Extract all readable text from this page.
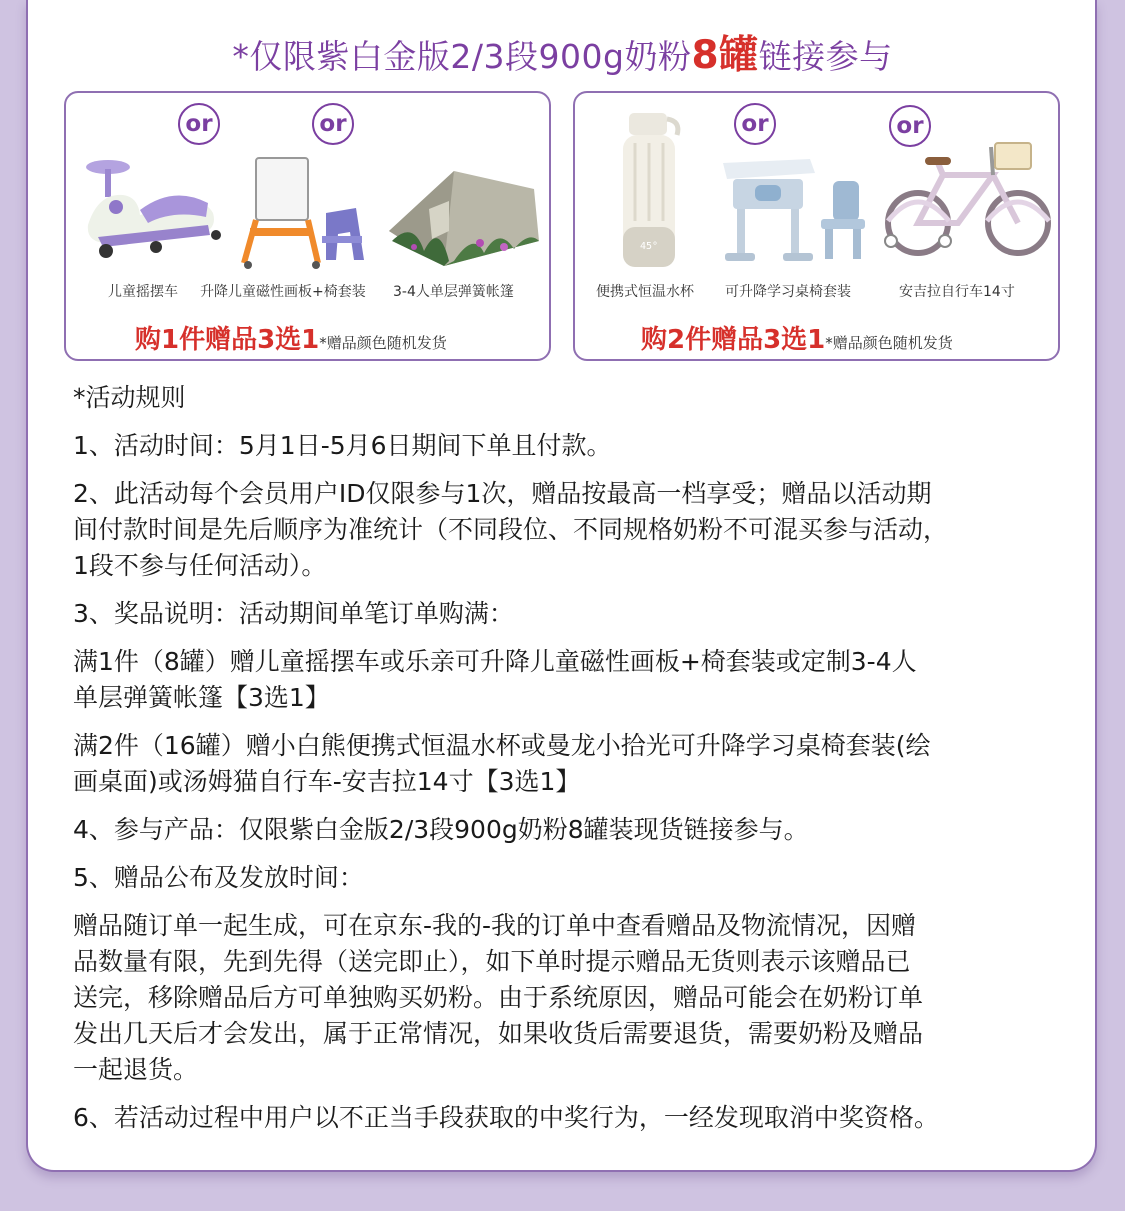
*仅限紫白金版2/3段900g奶粉8罐链接参与
or	or
儿童摇摆车 升降儿童磁性画板+椅套装 3-4人单层弹簧帐篷
购1件赠品3选1*赠品颜色随机发货
or	or
45°
便携式恒温水杯 可升降学习桌椅套装	安吉拉自行车14寸
购2件赠品3选1*赠品颜色随机发货

*活动规则

1、活动时间：5月1日-5月6日期间下单且付款。

2、此活动每个会员用户ID仅限参与1次，赠品按最高一档享受；赠品以活动期

间付款时间是先后顺序为准统计（不同段位、不同规格奶粉不可混买参与活动，

1段不参与任何活动）。

3、奖品说明：活动期间单笔订单购满：

满1件（8罐）赠儿童摇摆车或乐亲可升降儿童磁性画板+椅套装或定制3-4人

单层弹簧帐篷【3选1】

满2件（16罐）赠小白熊便携式恒温水杯或曼龙小拾光可升降学习桌椅套装(绘

画桌面)或汤姆猫自行车-安吉拉14寸【3选1】

4、参与产品：仅限紫白金版2/3段900g奶粉8罐装现货链接参与。

5、赠品公布及发放时间：

赠品随订单一起生成，可在京东-我的-我的订单中查看赠品及物流情况，因赠

品数量有限，先到先得（送完即止），如下单时提示赠品无货则表示该赠品已

送完，移除赠品后方可单独购买奶粉。由于系统原因，赠品可能会在奶粉订单

发出几天后才会发出，属于正常情况，如果收货后需要退货，需要奶粉及赠品

一起退货。

6、若活动过程中用户以不正当手段获取的中奖行为，一经发现取消中奖资格。
